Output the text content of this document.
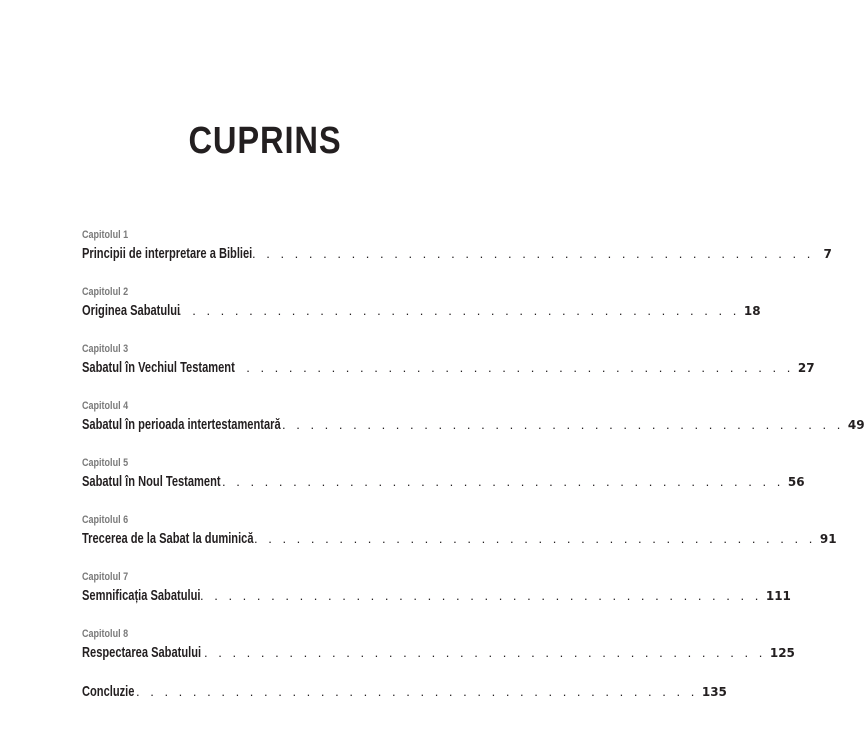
CUPRINS
Capitolul 1
Principii de interpretare a Bibliei . . . . . . . . . . . . . . . . . . . . . . . . . . . . . . . . . . . . . . . . 7
Capitolul 2
Originea Sabatului
. . . . . . . . . . . . . . . . . . . . . . . . . . . . . . . . . . . . . . . . 18
Capitolul 3
Sabatul în Vechiul Testament
. . . . . . . . . . . . . . . . . . . . . . . . . . . . . . . . . . . . . . . . 27
Capitolul 4
Sabatul în perioada intertestamentară . . . . . . . . . . . . . . . . . . . . . . . . . . . . . . . . . . . . . . . . 49
Capitolul 5
Sabatul în Noul Testament . . . . . . . . . . . . . . . . . . . . . . . . . . . . . . . . . . . . . . . . 56
Capitolul 6
Trecerea de la Sabat la duminică . . . . . . . . . . . . . . . . . . . . . . . . . . . . . . . . . . . . . . . . 91
Capitolul 7
Semnificația Sabatului . . . . . . . . . . . . . . . . . . . . . . . . . . . . . . . . . . . . . . . . 111
Capitolul 8
Respectarea Sabatului . . . . . . . . . . . . . . . . . . . . . . . . . . . . . . . . . . . . . . . . 125
Concluzie . . . . . . . . . . . . . . . . . . . . . . . . . . . . . . . . . . . . . . . . 135
